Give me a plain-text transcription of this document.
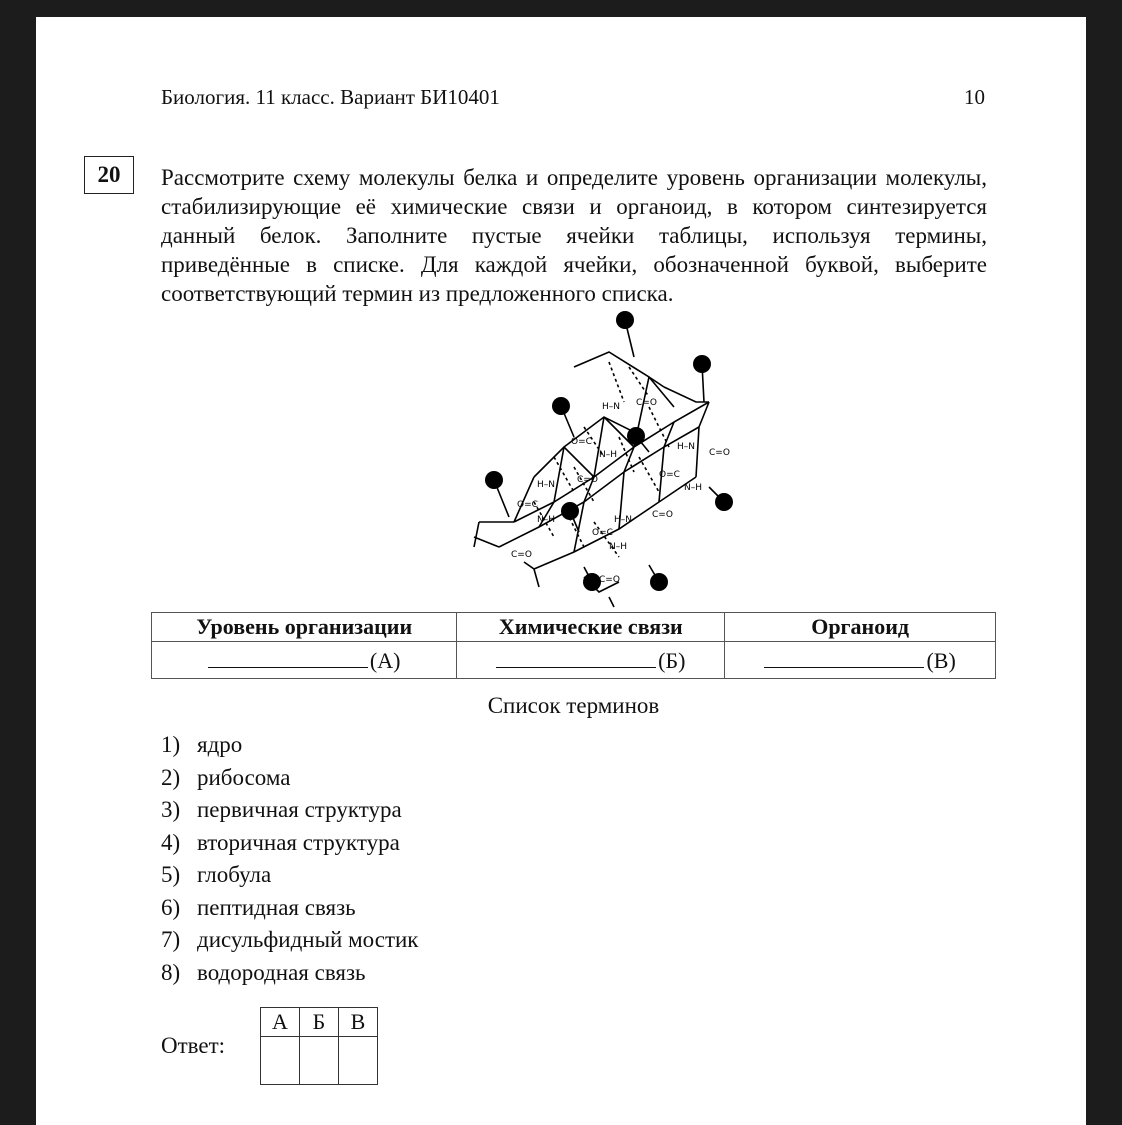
Биология. 11 класс. Вариант БИ10401	10
20	Рассмотрите схему молекулы белка и определите уровень организации молекулы, стабилизирующие её химические связи и органоид, в котором синтезируется данный белок. Заполните пустые ячейки таблицы, используя термины, приведённые в списке. Для каждой ячейки, обозначенной буквой, выберите соответствующий термин из предложенного списка.
H–N C=O
O=C
N–H
H–N
C=O
H–N C=O	O=C
N–H
O=C
N–H	H–N C=O
C=O
O=C
N–H
C=O
Уровень организации	Химические связи	Органоид
(А)	(Б)	(В)
Список терминов
1) ядро
2) рибосома
3) первичная структура
4) вторичная структура
5) глобула
6) пептидная связь
7) дисульфидный мостик
8) водородная связь
Ответ:
А	Б	В
